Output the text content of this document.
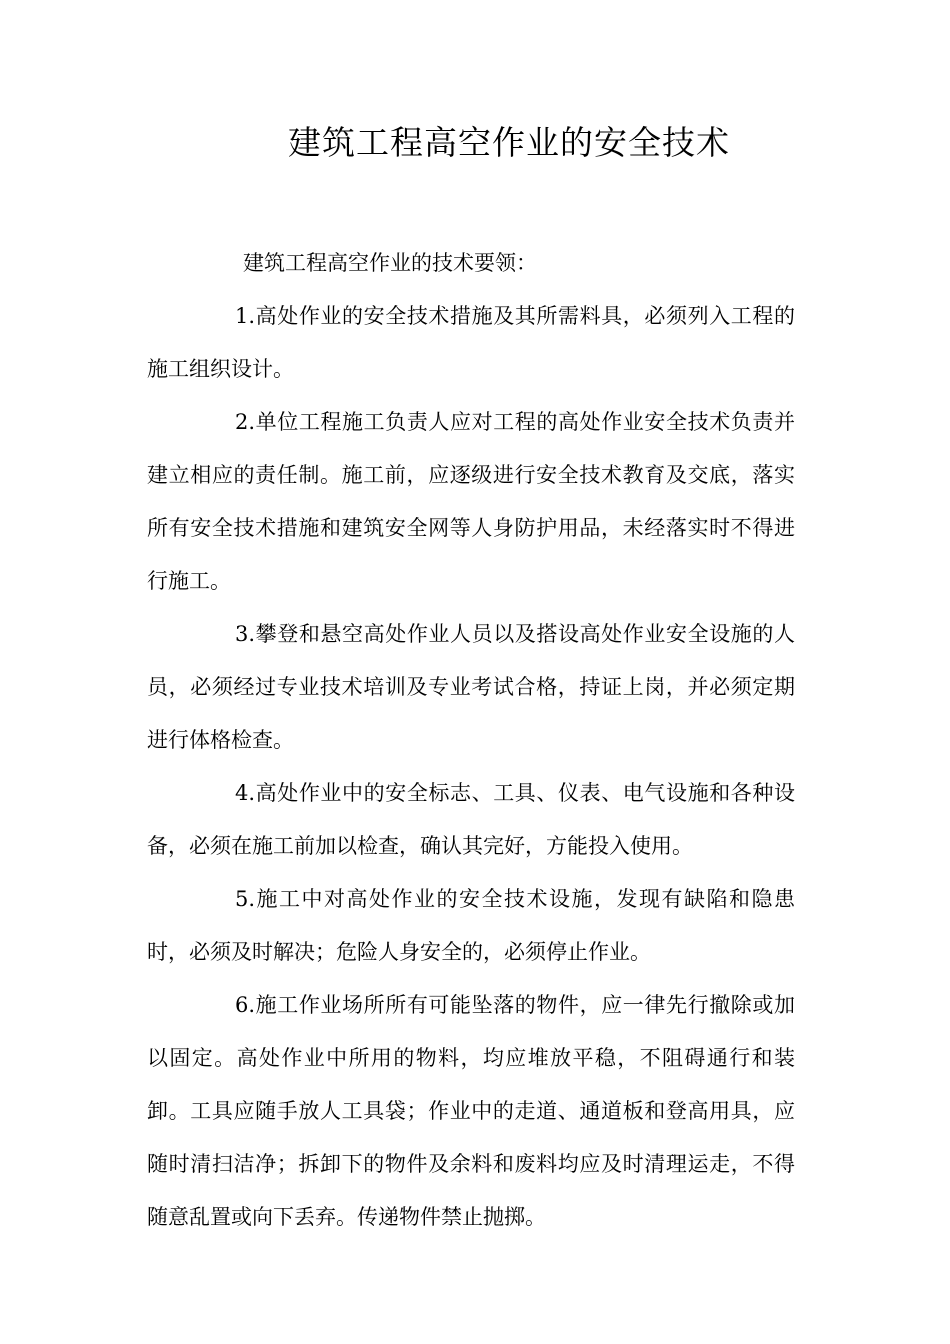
建筑工程高空作业的安全技术

建筑工程高空作业的技术要领：

1.高处作业的安全技术措施及其所需料具，必须列入工程的施工组织设计。

2.单位工程施工负责人应对工程的高处作业安全技术负责并建立相应的责任制。施工前，应逐级进行安全技术教育及交底，落实所有安全技术措施和建筑安全网等人身防护用品，未经落实时不得进行施工。

3.攀登和悬空高处作业人员以及搭设高处作业安全设施的人员，必须经过专业技术培训及专业考试合格，持证上岗，并必须定期进行体格检查。

4.高处作业中的安全标志、工具、仪表、电气设施和各种设备，必须在施工前加以检查，确认其完好，方能投入使用。

5.施工中对高处作业的安全技术设施，发现有缺陷和隐患时，必须及时解决；危险人身安全的，必须停止作业。

6.施工作业场所所有可能坠落的物件，应一律先行撤除或加以固定。高处作业中所用的物料，均应堆放平稳，不阻碍通行和装卸。工具应随手放人工具袋；作业中的走道、通道板和登高用具，应随时清扫洁净；拆卸下的物件及余料和废料均应及时清理运走，不得随意乱置或向下丢弃。传递物件禁止抛掷。
